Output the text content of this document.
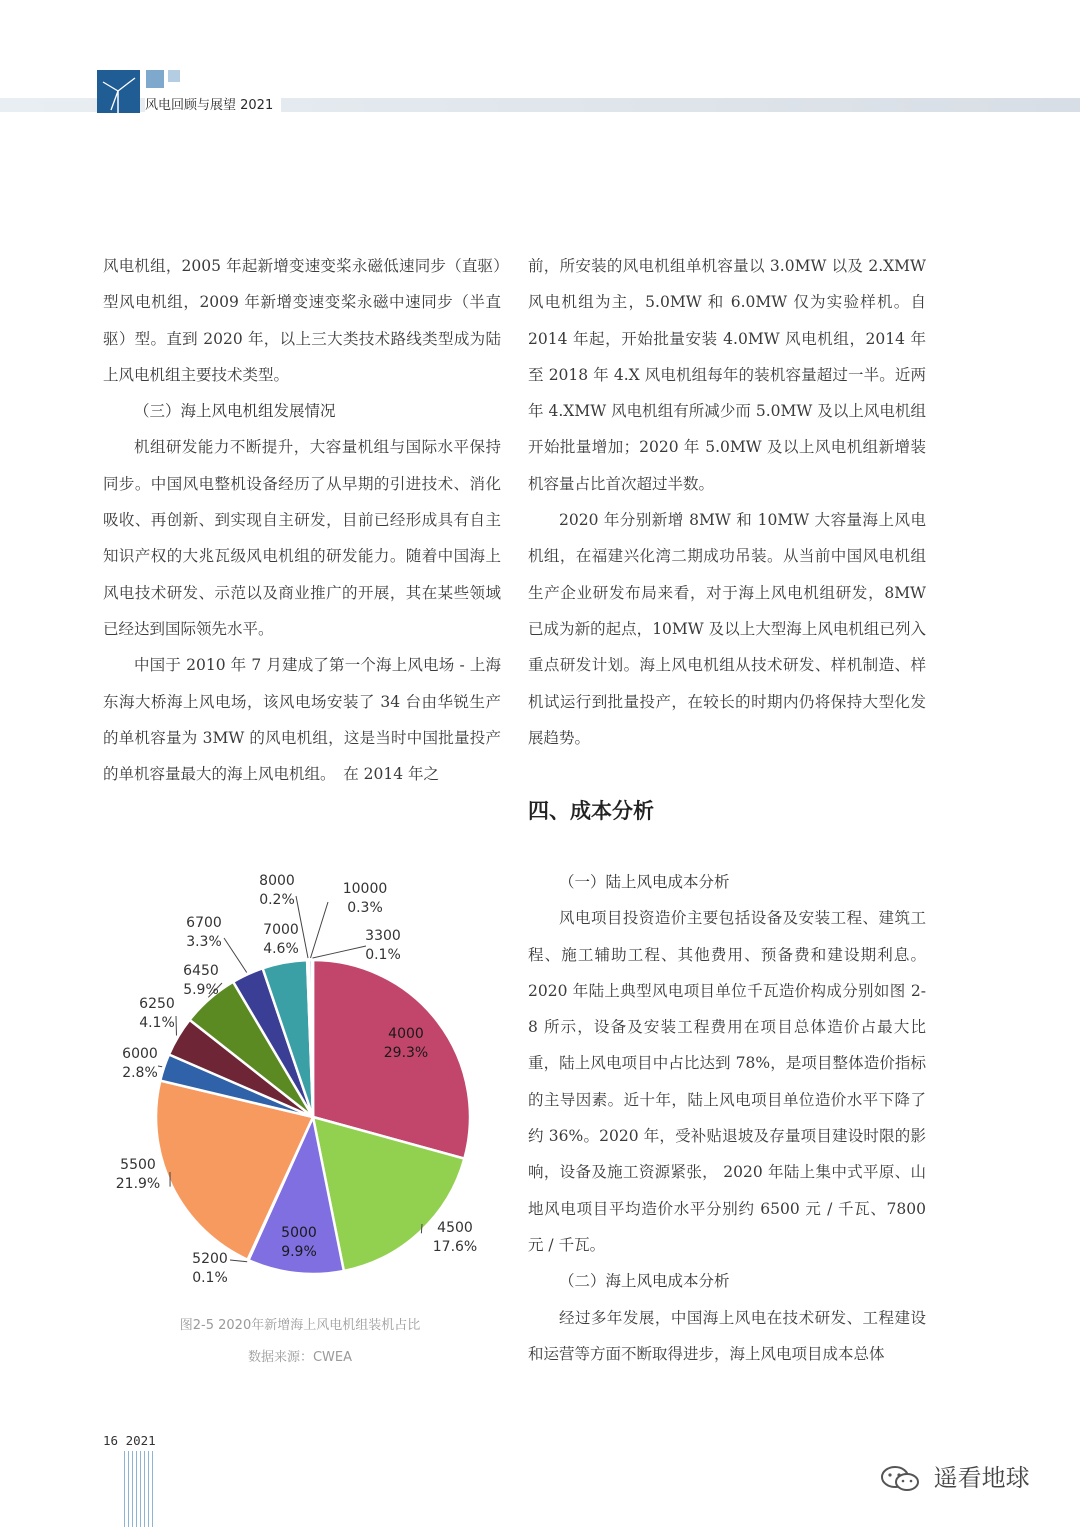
风电回顾与展望 2021

风电机组，2005 年起新增变速变桨永磁低速同步（直驱）型风电机组，2009 年新增变速变桨永磁中速同步（半直驱）型。直到 2020 年，以上三大类技术路线类型成为陆上风电机组主要技术类型。

（三）海上风电机组发展情况

机组研发能力不断提升，大容量机组与国际水平保持同步。中国风电整机设备经历了从早期的引进技术、消化吸收、再创新、到实现自主研发，目前已经形成具有自主知识产权的大兆瓦级风电机组的研发能力。随着中国海上风电技术研发、示范以及商业推广的开展，其在某些领域已经达到国际领先水平。

中国于 2010 年 7 月建成了第一个海上风电场 - 上海东海大桥海上风电场，该风电场安装了 34 台由华锐生产的单机容量为 3MW 的风电机组，这是当时中国批量投产的单机容量最大的海上风电机组。　在 2014 年之

前，所安装的风电机组单机容量以 3.0MW 以及 2.XMW 风电机组为主，5.0MW 和 6.0MW 仅为实验样机。自 2014 年起，开始批量安装 4.0MW 风电机组，2014 年至 2018 年 4.X 风电机组每年的装机容量超过一半。近两年 4.XMW 风电机组有所减少而 5.0MW 及以上风电机组开始批量增加；2020 年 5.0MW 及以上风电机组新增装机容量占比首次超过半数。

2020 年分别新增 8MW 和 10MW 大容量海上风电机组，在福建兴化湾二期成功吊装。从当前中国风电机组生产企业研发布局来看，对于海上风电机组研发，8MW 已成为新的起点，10MW 及以上大型海上风电机组已列入重点研发计划。海上风电机组从技术研发、样机制造、样机试运行到批量投产，在较长的时期内仍将保持大型化发展趋势。

四、成本分析

（一）陆上风电成本分析

风电项目投资造价主要包括设备及安装工程、建筑工程、施工辅助工程、其他费用、预备费和建设期利息。2020 年陆上典型风电项目单位千瓦造价构成分别如图 2-8 所示，设备及安装工程费用在项目总体造价占最大比重，陆上风电项目中占比达到 78%，是项目整体造价指标的主导因素。近十年，陆上风电项目单位造价水平下降了约 36%。2020 年，受补贴退坡及存量项目建设时限的影响，设备及施工资源紧张， 2020 年陆上集中式平原、山地风电项目平均造价水平分别约 6500 元 / 千瓦、7800 元 / 千瓦。

（二）海上风电成本分析

经过多年发展，中国海上风电在技术研发、工程建设和运营等方面不断取得进步，海上风电项目成本总体

4000
29.3%
4500
17.6%
5000
9.9%
5200
0.1%
5500
21.9%
6000
2.8%
6250
4.1%
6450
5.9%
6700
3.3%
7000
4.6%
8000
0.2%
10000
0.3%
3300
0.1%
图2-5 2020年新增海上风电机组装机占比
数据来源：CWEA
16 2021
遥看地球
